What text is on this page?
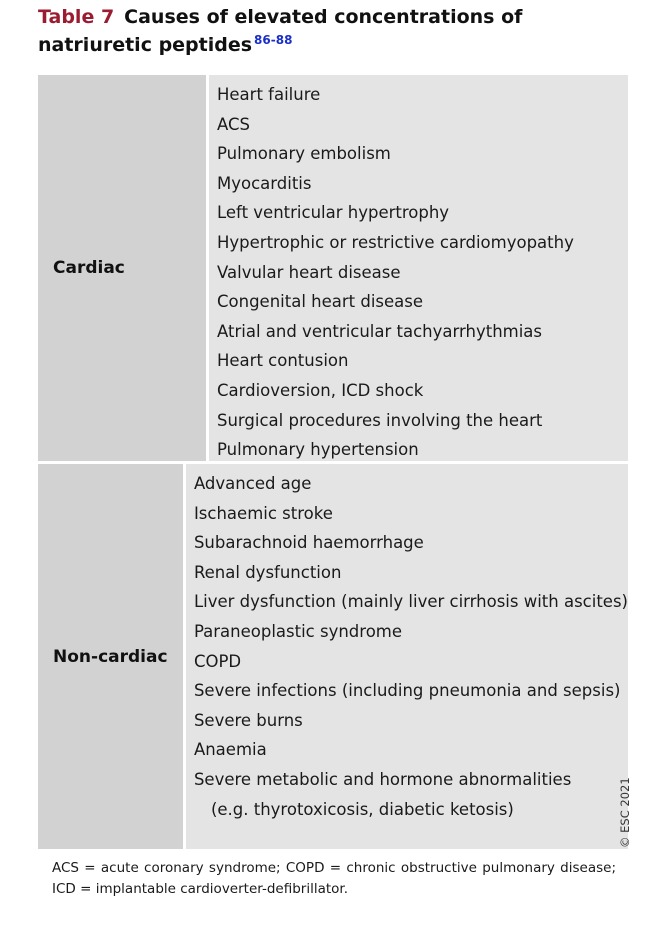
Table 7 Causes of elevated concentrations of natriuretic peptides $^{86-88}$
Cardiac
Heart failure
ACS
Pulmonary embolism
Myocarditis
Left ventricular hypertrophy
Hypertrophic or restrictive cardiomyopathy
Valvular heart disease
Congenital heart disease
Atrial and ventricular tachyarrhythmias
Heart contusion
Cardioversion, ICD shock
Surgical procedures involving the heart
Pulmonary hypertension
Non-cardiac
Advanced age
Ischaemic stroke
Subarachnoid haemorrhage
Renal dysfunction
Liver dysfunction (mainly liver cirrhosis with ascites)
Paraneoplastic syndrome
COPD
Severe infections (including pneumonia and sepsis)
Severe burns
Anaemia
Severe metabolic and hormone abnormalities
(e.g. thyrotoxicosis, diabetic ketosis)	© ESC 2021
ACS = acute coronary syndrome; COPD = chronic obstructive pulmonary disease; ICD = implantable cardioverter-defibrillator.
